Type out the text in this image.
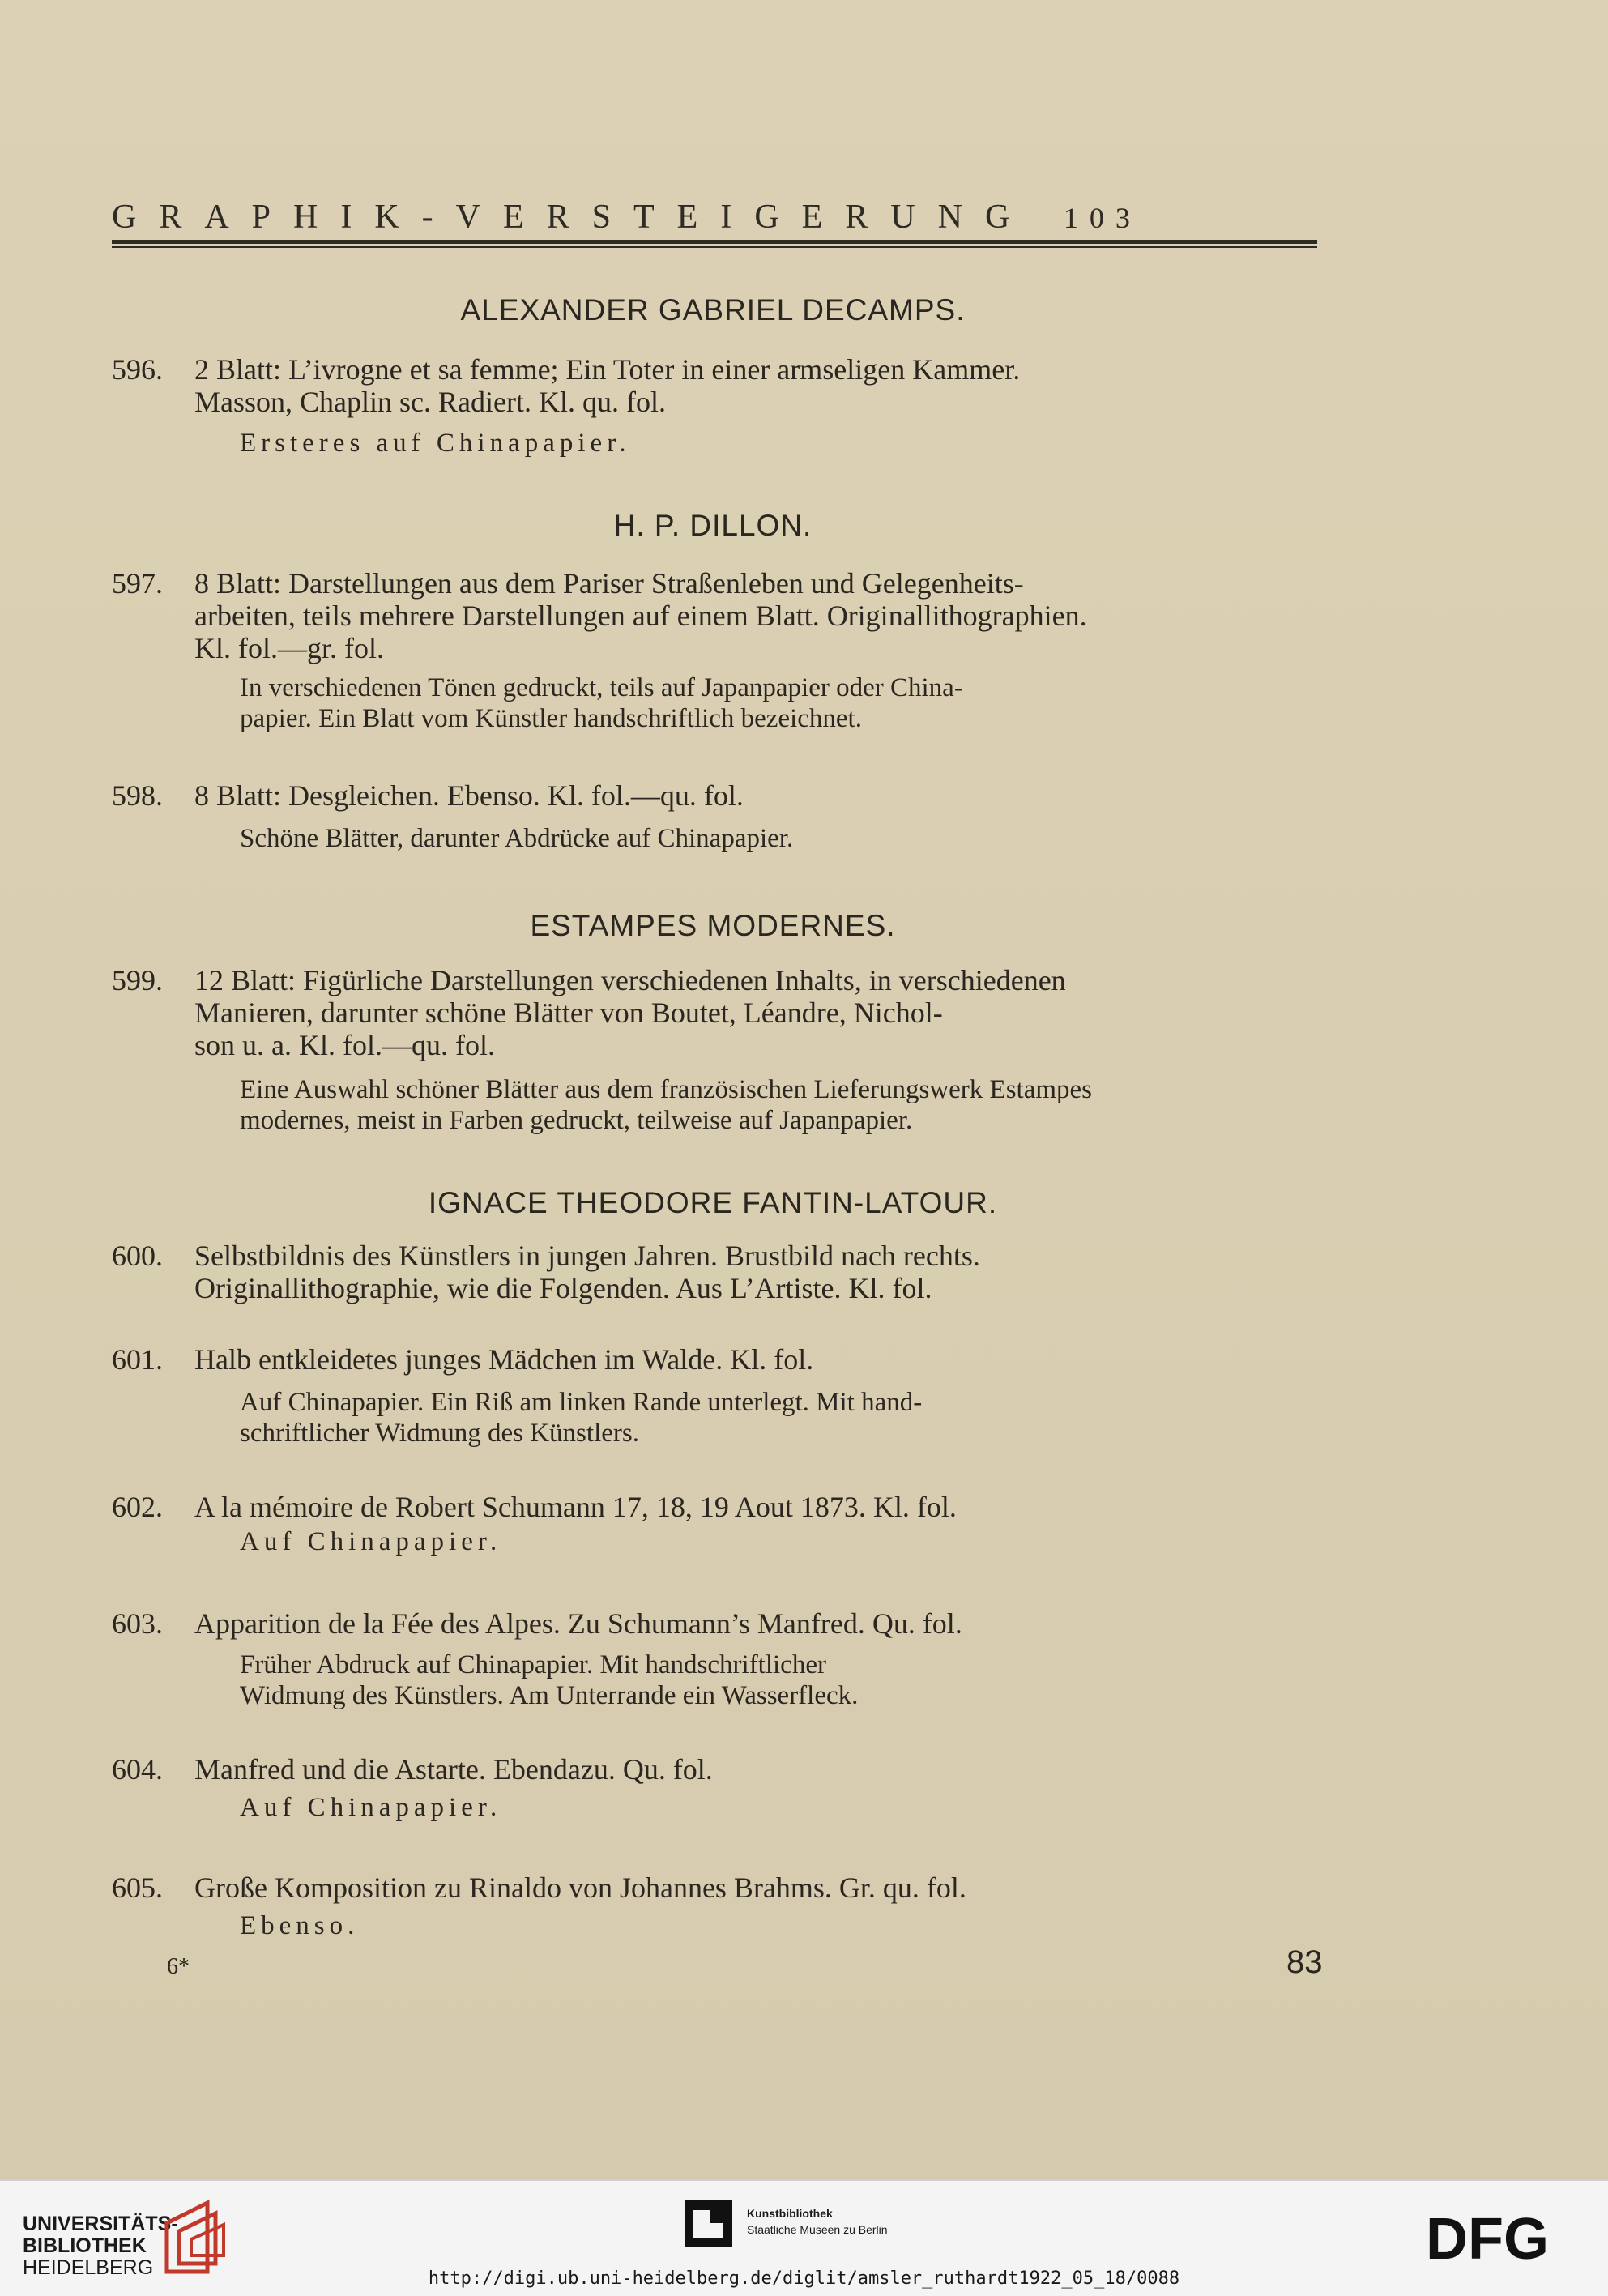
GRAPHIK-VERSTEIGERUNG 103
ALEXANDER GABRIEL DECAMPS.
596. 2 Blatt: L’ivrogne et sa femme; Ein Toter in einer armseligen Kammer.
Masson, Chaplin sc. Radiert. Kl. qu. fol.
Ersteres auf Chinapapier.
H. P. DILLON.
597. 8 Blatt: Darstellungen aus dem Pariser Straßenleben und Gelegenheits-
arbeiten, teils mehrere Darstellungen auf einem Blatt. Originallithographien.
Kl. fol.—gr. fol.
In verschiedenen Tönen gedruckt, teils auf Japanpapier oder China-
papier. Ein Blatt vom Künstler handschriftlich bezeichnet.
598. 8 Blatt: Desgleichen. Ebenso. Kl. fol.—qu. fol.
Schöne Blätter, darunter Abdrücke auf Chinapapier.
ESTAMPES MODERNES.
599. 12 Blatt: Figürliche Darstellungen verschiedenen Inhalts, in verschiedenen
Manieren, darunter schöne Blätter von Boutet, Léandre, Nichol-
son u. a. Kl. fol.—qu. fol.
Eine Auswahl schöner Blätter aus dem französischen Lieferungswerk Estampes
modernes, meist in Farben gedruckt, teilweise auf Japanpapier.
IGNACE THEODORE FANTIN-LATOUR.
600. Selbstbildnis des Künstlers in jungen Jahren. Brustbild nach rechts.
Originallithographie, wie die Folgenden. Aus L’Artiste. Kl. fol.
601. Halb entkleidetes junges Mädchen im Walde. Kl. fol.
Auf Chinapapier. Ein Riß am linken Rande unterlegt. Mit hand-
schriftlicher Widmung des Künstlers.
602. A la mémoire de Robert Schumann 17, 18, 19 Aout 1873. Kl. fol.
Auf Chinapapier.
603. Apparition de la Fée des Alpes. Zu Schumann’s Manfred. Qu. fol.
Früher Abdruck auf Chinapapier. Mit handschriftlicher
Widmung des Künstlers. Am Unterrande ein Wasserfleck.
604. Manfred und die Astarte. Ebendazu. Qu. fol.
Auf Chinapapier.
605. Große Komposition zu Rinaldo von Johannes Brahms. Gr. qu. fol.
Ebenso.
6*	83
UNIVERSITÄTS-
BIBLIOTHEK
HEIDELBERG
Kunstbibliothek
Staatliche Museen zu Berlin	DFG
http://digi.ub.uni-heidelberg.de/diglit/amsler_ruthardt1922_05_18/0088
